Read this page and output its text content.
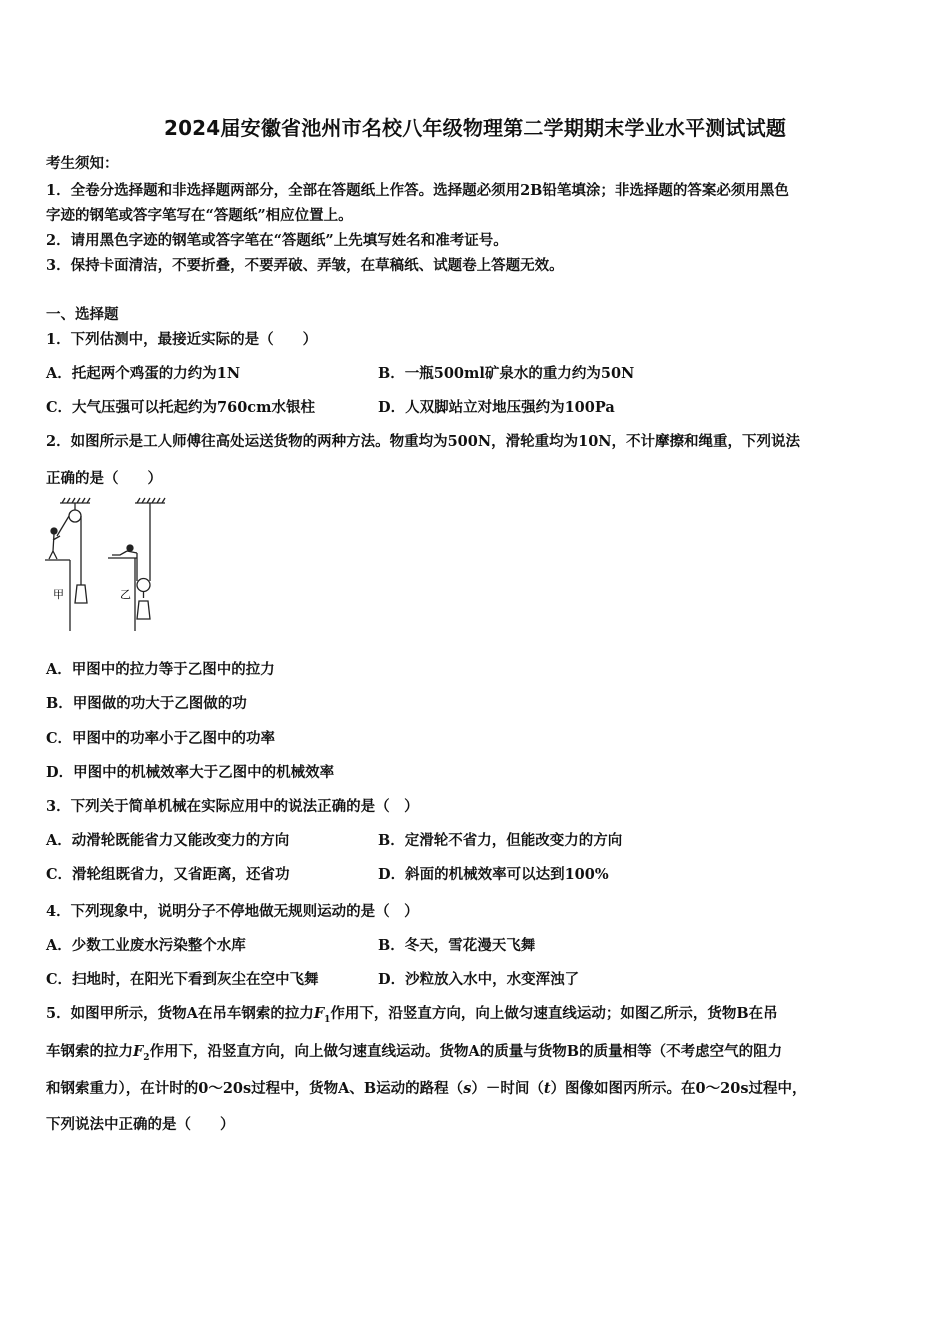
2024届安徽省池州市名校八年级物理第二学期期末学业水平测试试题
考生须知：
1．全卷分选择题和非选择题两部分，全部在答题纸上作答。选择题必须用2B铅笔填涂；非选择题的答案必须用黑色
字迹的钢笔或答字笔写在“答题纸”相应位置上。
2．请用黑色字迹的钢笔或答字笔在“答题纸”上先填写姓名和准考证号。
3．保持卡面清洁，不要折叠，不要弄破、弄皱，在草稿纸、试题卷上答题无效。
一、选择题
1．下列估测中，最接近实际的是（　　）
A．托起两个鸡蛋的力约为1N	B．一瓶500ml矿泉水的重力约为50N
C．大气压强可以托起约为760cm水银柱	D．人双脚站立对地压强约为100Pa
2．如图所示是工人师傅往高处运送货物的两种方法。物重均为500N，滑轮重均为10N，不计摩擦和绳重，下列说法
正确的是（　　）
甲	乙
A．甲图中的拉力等于乙图中的拉力
B．甲图做的功大于乙图做的功
C．甲图中的功率小于乙图中的功率
D．甲图中的机械效率大于乙图中的机械效率
3．下列关于简单机械在实际应用中的说法正确的是（　）
A．动滑轮既能省力又能改变力的方向	B．定滑轮不省力，但能改变力的方向
C．滑轮组既省力，又省距离，还省功	D．斜面的机械效率可以达到100%
4．下列现象中，说明分子不停地做无规则运动的是（　）
A．少数工业废水污染整个水库	B．冬天，雪花漫天飞舞
C．扫地时，在阳光下看到灰尘在空中飞舞	D．沙粒放入水中，水变浑浊了
5．如图甲所示，货物A在吊车钢索的拉力$F_1$作用下，沿竖直方向，向上做匀速直线运动；如图乙所示，货物B在吊
车钢索的拉力$F_2$作用下，沿竖直方向，向上做匀速直线运动。货物A的质量与货物B的质量相等（不考虑空气的阻力
和钢索重力），在计时的0～20s过程中，货物A、B运动的路程（s）－时间（t）图像如图丙所示。在0～20s过程中，
下列说法中正确的是（　　）
